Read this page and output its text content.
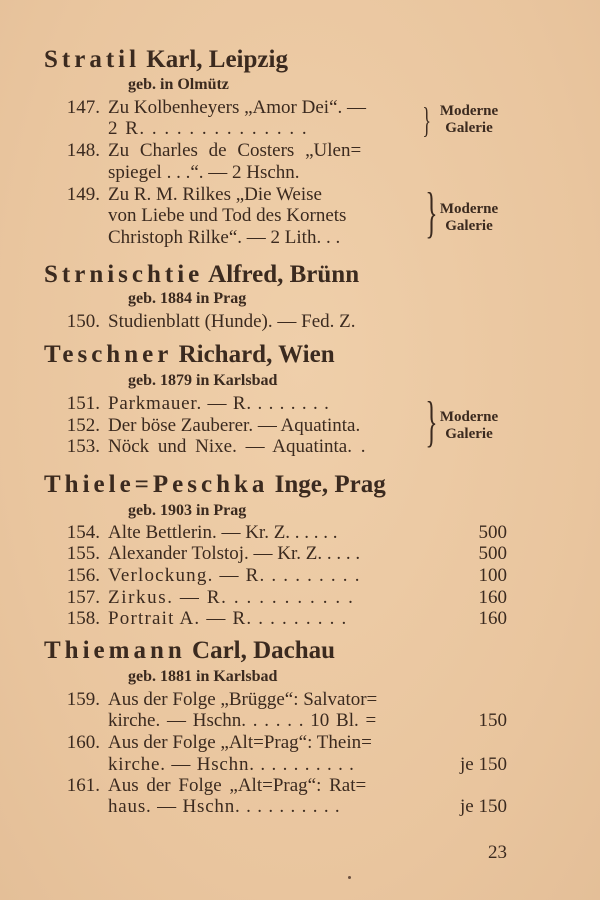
Stratil Karl, Leipzig
geb. in Olmütz
147. Zu Kolbenheyers „Amor Dei“. —
2 R. . . . . . . . . . . . . .	} Moderne Galerie
148. Zu Charles de Costers „Ulen=
spiegel . . .“. — 2 Hschn.
149. Zu R. M. Rilkes „Die Weise
von Liebe und Tod des Kornets
Christoph Rilke“. — 2 Lith. . . } Moderne Galerie
Strnischtie Alfred, Brünn
geb. 1884 in Prag
150. Studienblatt (Hunde). — Fed. Z.
Teschner Richard, Wien
geb. 1879 in Karlsbad
151. Parkmauer. — R. . . . . . . .
152. Der böse Zauberer. — Aquatinta.
153. Nöck und Nixe. — Aquatinta. . } Moderne Galerie
Thiele=Peschka Inge, Prag
geb. 1903 in Prag
154. Alte Bettlerin. — Kr. Z. . . . . .	500
155. Alexander Tolstoj. — Kr. Z. . . . .	500
156. Verlockung. — R. . . . . . . . .	100
157. Zirkus. — R. . . . . . . . . . .	160
158. Portrait A. — R. . . . . . . . .	160
Thiemann Carl, Dachau
geb. 1881 in Karlsbad
159. Aus der Folge „Brügge“: Salvator=
kirche. — Hschn. . . . . . 10 Bl. =	150
160. Aus der Folge „Alt=Prag“: Thein=
kirche. — Hschn. . . . . . . . . .	je 150
161. Aus der Folge „Alt=Prag“: Rat=
haus. — Hschn. . . . . . . . . .	je 150
23
